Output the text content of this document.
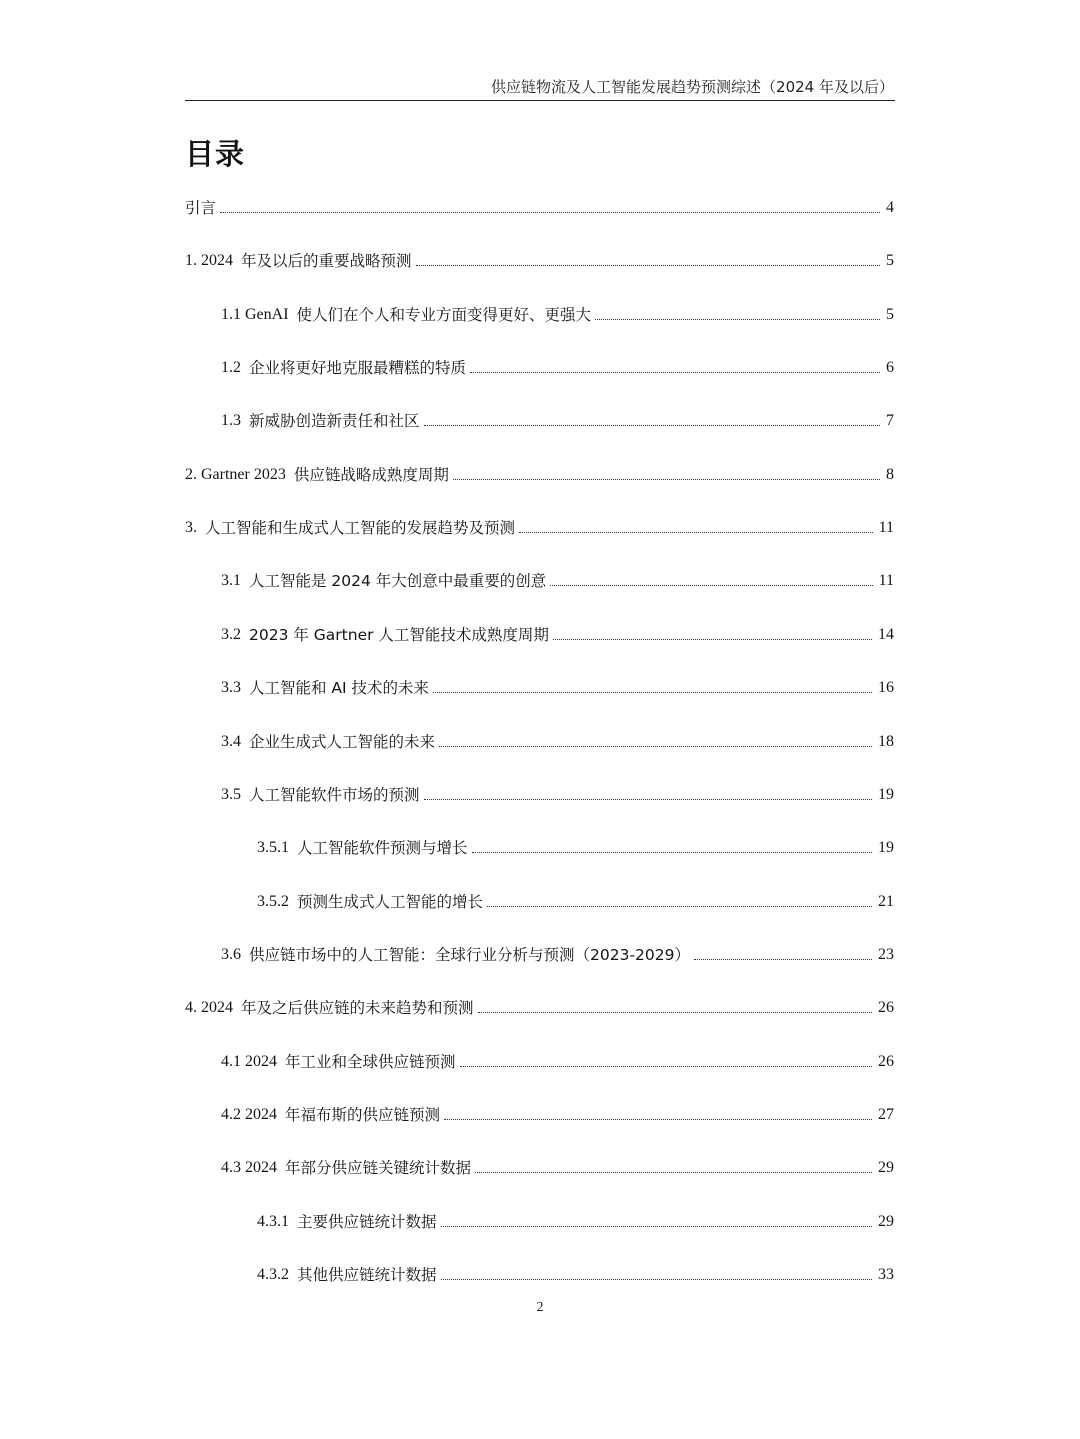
供应链物流及人工智能发展趋势预测综述（2024 年及以后）
目录
引言	4
1. 2024 年及以后的重要战略预测	5
1.1 GenAI 使人们在个人和专业方面变得更好、更强大	5
1.2 企业将更好地克服最糟糕的特质	6
1.3 新威胁创造新责任和社区	7
2. Gartner 2023 供应链战略成熟度周期	8
3. 人工智能和生成式人工智能的发展趋势及预测	11
3.1 人工智能是 2024 年大创意中最重要的创意	11
3.2 2023 年 Gartner 人工智能技术成熟度周期	14
3.3 人工智能和 AI 技术的未来	16
3.4 企业生成式人工智能的未来	18
3.5 人工智能软件市场的预测	19
3.5.1 人工智能软件预测与增长	19
3.5.2 预测生成式人工智能的增长	21
3.6 供应链市场中的人工智能：全球行业分析与预测（2023-2029）	23
4. 2024 年及之后供应链的未来趋势和预测	26
4.1 2024 年工业和全球供应链预测	26
4.2 2024 年福布斯的供应链预测	27
4.3 2024 年部分供应链关键统计数据	29
4.3.1 主要供应链统计数据	29
4.3.2 其他供应链统计数据	33
2
